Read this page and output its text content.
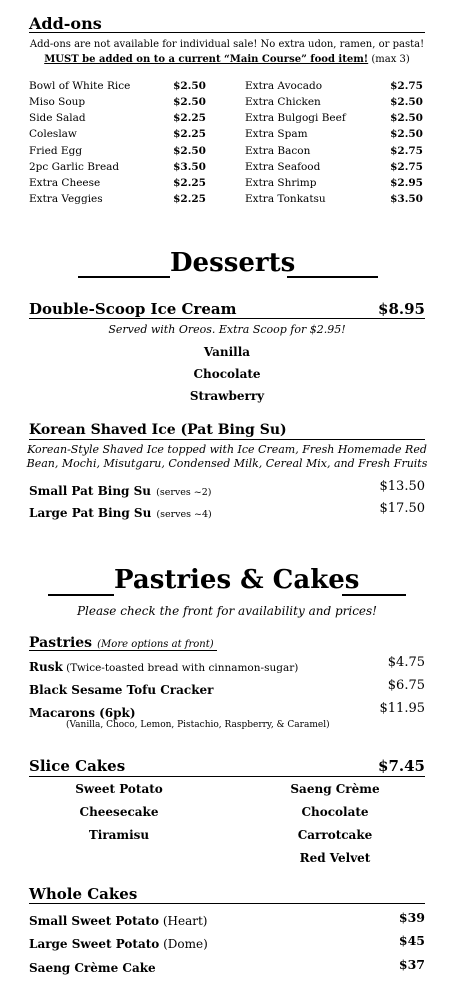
Add-ons
Add-ons are not available for individual sale! No extra udon, ramen, or pasta!
MUST be added on to a current “Main Course” food item! (max 3)
Bowl of White Rice	$2.50
Miso Soup	$2.50
Side Salad	$2.25
Coleslaw	$2.25
Fried Egg	$2.50
2pc Garlic Bread	$3.50
Extra Cheese	$2.25
Extra Veggies	$2.25
Extra Avocado	$2.75
Extra Chicken	$2.50
Extra Bulgogi Beef	$2.50
Extra Spam	$2.50
Extra Bacon	$2.75
Extra Seafood	$2.75
Extra Shrimp	$2.95
Extra Tonkatsu	$3.50
Desserts
Double-Scoop Ice Cream	$8.95
Served with Oreos. Extra Scoop for $2.95!
Vanilla
Chocolate
Strawberry
Korean Shaved Ice (Pat Bing Su)
Korean-Style Shaved Ice topped with Ice Cream, Fresh Homemade Red
Bean, Mochi, Misutgaru, Condensed Milk, Cereal Mix, and Fresh Fruits
Small Pat Bing Su (serves ~2)	$13.50
Large Pat Bing Su (serves ~4)	$17.50
Pastries & Cakes
Please check the front for availability and prices!
Pastries (More options at front)
Rusk (Twice-toasted bread with cinnamon-sugar)	$4.75
Black Sesame Tofu Cracker	$6.75
Macarons (6pk)	$11.95
(Vanilla, Choco, Lemon, Pistachio, Raspberry, & Caramel)
Slice Cakes	$7.45
Sweet Potato
Cheesecake
Tiramisu
Saeng Crème
Chocolate
Carrotcake
Red Velvet
Whole Cakes
Small Sweet Potato (Heart)	$39
Large Sweet Potato (Dome)	$45
Saeng Crème Cake	$37
